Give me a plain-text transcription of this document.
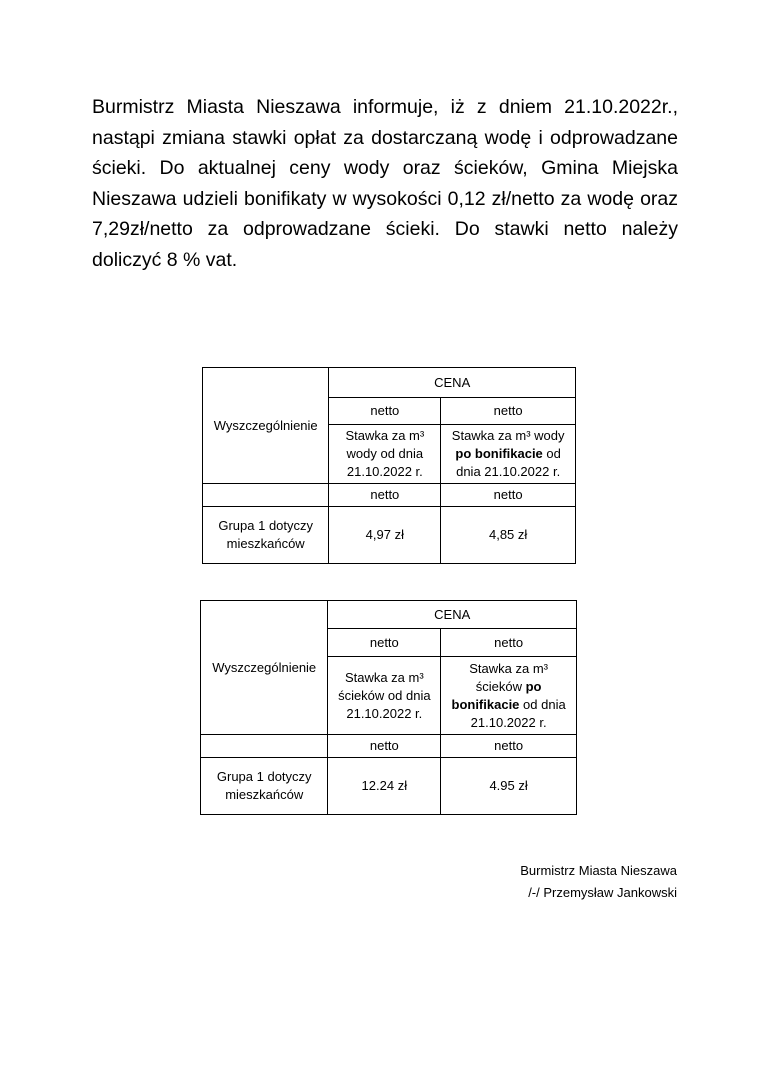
Burmistrz Miasta Nieszawa informuje, iż z dniem 21.10.2022r., nastąpi zmiana stawki opłat za dostarczaną wodę i odprowadzane ścieki. Do aktualnej ceny wody oraz ścieków, Gmina Miejska Nieszawa udzieli bonifikaty w wysokości 0,12 zł/netto za wodę oraz 7,29zł/netto za odprowadzane ścieki. Do stawki netto należy doliczyć 8 % vat.

Wyszczególnienie	CENA	
	netto	netto
	Stawka za m³ wody od dnia 21.10.2022 r.	Stawka za m³ wody po bonifikacie od dnia 21.10.2022 r.
	netto	netto
Grupa 1 dotyczy mieszkańców	4,97 zł	4,85 zł
Wyszczególnienie	CENA	
	netto	netto
	Stawka za m³ ścieków od dnia 21.10.2022 r.	Stawka za m³ ścieków po bonifikacie od dnia 21.10.2022 r.
	netto	netto
Grupa 1 dotyczy mieszkańców	12.24 zł	4.95 zł
Burmistrz Miasta Nieszawa
/-/ Przemysław Jankowski
